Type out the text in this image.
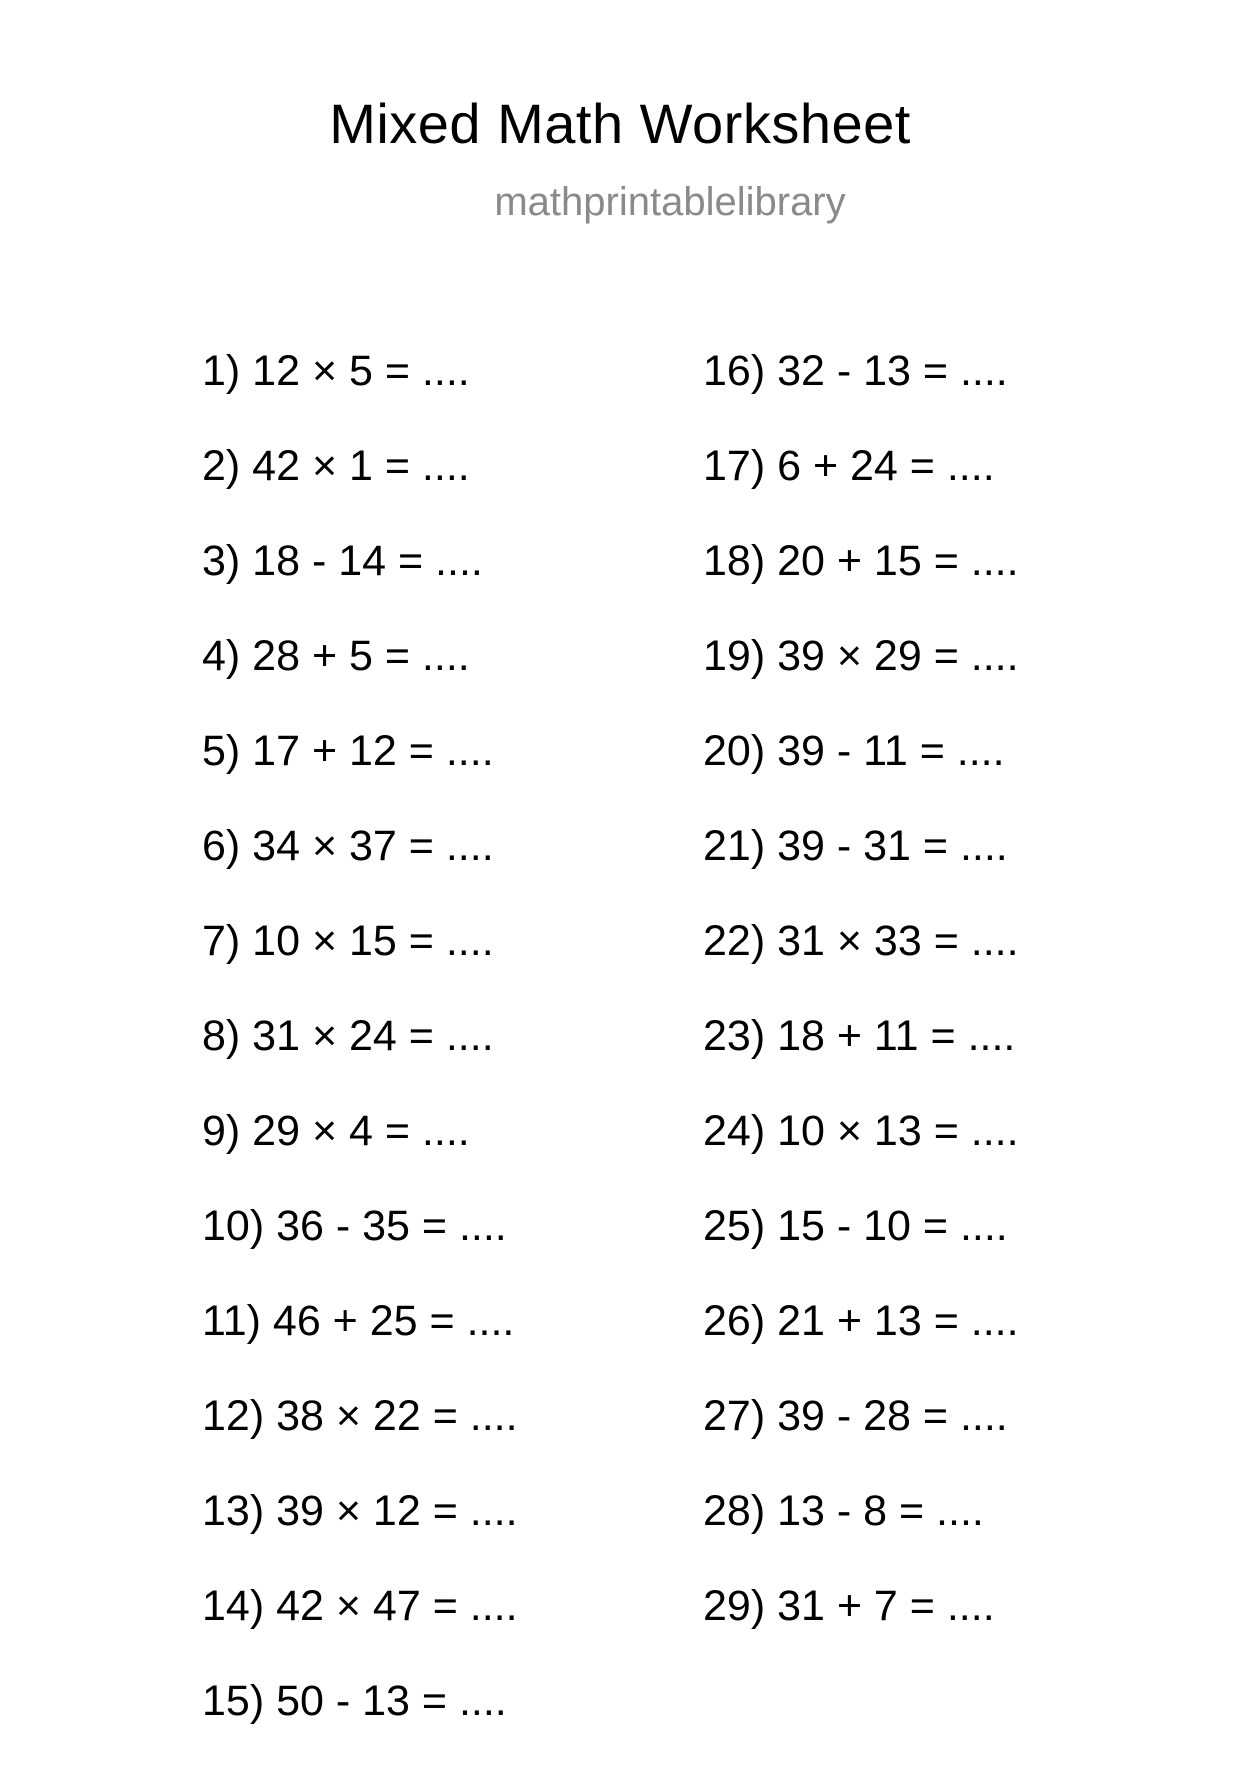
Mixed Math Worksheet
mathprintablelibrary
1) 12 × 5 = ....
2) 42 × 1 = ....
3) 18 - 14 = ....
4) 28 + 5 = ....
5) 17 + 12 = ....
6) 34 × 37 = ....
7) 10 × 15 = ....
8) 31 × 24 = ....
9) 29 × 4 = ....
10) 36 - 35 = ....
11) 46 + 25 = ....
12) 38 × 22 = ....
13) 39 × 12 = ....
14) 42 × 47 = ....
15) 50 - 13 = ....
16) 32 - 13 = ....
17) 6 + 24 = ....
18) 20 + 15 = ....
19) 39 × 29 = ....
20) 39 - 11 = ....
21) 39 - 31 = ....
22) 31 × 33 = ....
23) 18 + 11 = ....
24) 10 × 13 = ....
25) 15 - 10 = ....
26) 21 + 13 = ....
27) 39 - 28 = ....
28) 13 - 8 = ....
29) 31 + 7 = ....
